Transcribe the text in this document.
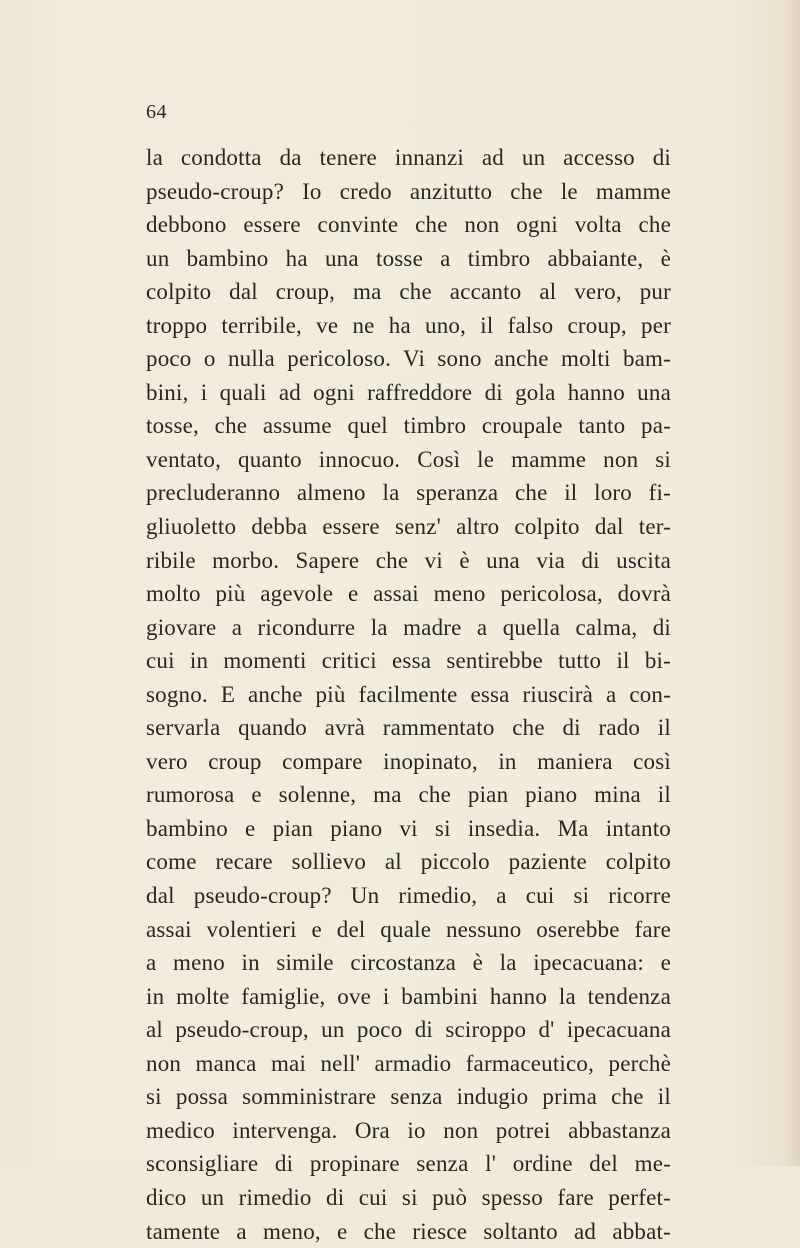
64
la condotta da tenere innanzi ad un accesso di
pseudo-croup? Io credo anzitutto che le mamme
debbono essere convinte che non ogni volta che
un bambino ha una tosse a timbro abbaiante, è
colpito dal croup, ma che accanto al vero, pur
troppo terribile, ve ne ha uno, il falso croup, per
poco o nulla pericoloso. Vi sono anche molti bam-
bini, i quali ad ogni raffreddore di gola hanno una
tosse, che assume quel timbro croupale tanto pa-
ventato, quanto innocuo. Così le mamme non si
precluderanno almeno la speranza che il loro fi-
gliuoletto debba essere senz' altro colpito dal ter-
ribile morbo. Sapere che vi è una via di uscita
molto più agevole e assai meno pericolosa, dovrà
giovare a ricondurre la madre a quella calma, di
cui in momenti critici essa sentirebbe tutto il bi-
sogno. E anche più facilmente essa riuscirà a con-
servarla quando avrà rammentato che di rado il
vero croup compare inopinato, in maniera così
rumorosa e solenne, ma che pian piano mina il
bambino e pian piano vi si insedia. Ma intanto
come recare sollievo al piccolo paziente colpito
dal pseudo-croup? Un rimedio, a cui si ricorre
assai volentieri e del quale nessuno oserebbe fare
a meno in simile circostanza è la ipecacuana: e
in molte famiglie, ove i bambini hanno la tendenza
al pseudo-croup, un poco di sciroppo d' ipecacuana
non manca mai nell' armadio farmaceutico, perchè
si possa somministrare senza indugio prima che il
medico intervenga. Ora io non potrei abbastanza
sconsigliare di propinare senza l' ordine del me-
dico un rimedio di cui si può spesso fare perfet-
tamente a meno, e che riesce soltanto ad abbat-
